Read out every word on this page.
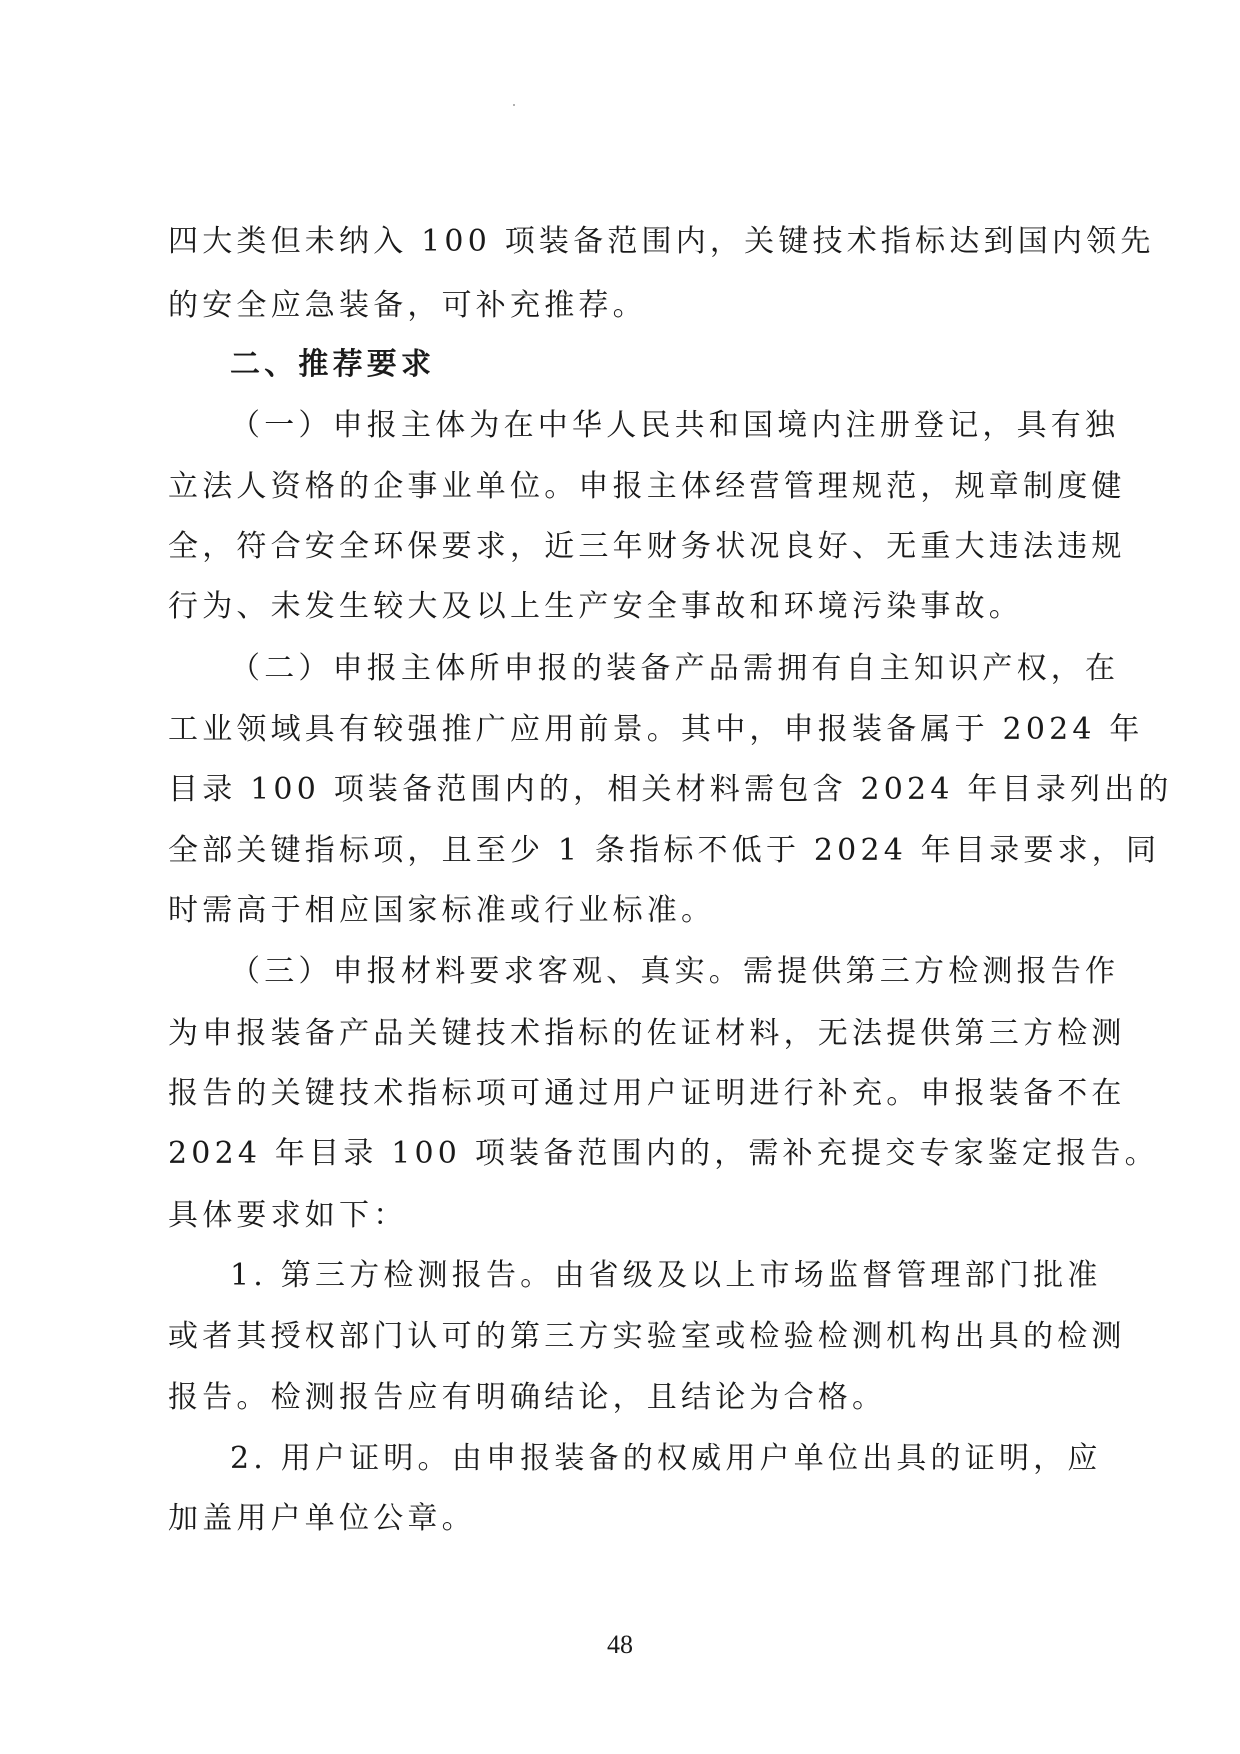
四大类但未纳入 100 项装备范围内，关键技术指标达到国内领先
的安全应急装备，可补充推荐。
二、推荐要求
（一）申报主体为在中华人民共和国境内注册登记，具有独
立法人资格的企事业单位。申报主体经营管理规范，规章制度健
全，符合安全环保要求，近三年财务状况良好、无重大违法违规
行为、未发生较大及以上生产安全事故和环境污染事故。
（二）申报主体所申报的装备产品需拥有自主知识产权，在
工业领域具有较强推广应用前景。其中，申报装备属于 2024 年
目录 100 项装备范围内的，相关材料需包含 2024 年目录列出的
全部关键指标项，且至少 1 条指标不低于 2024 年目录要求，同
时需高于相应国家标准或行业标准。
（三）申报材料要求客观、真实。需提供第三方检测报告作
为申报装备产品关键技术指标的佐证材料，无法提供第三方检测
报告的关键技术指标项可通过用户证明进行补充。申报装备不在
2024 年目录 100 项装备范围内的，需补充提交专家鉴定报告。
具体要求如下：
1. 第三方检测报告。由省级及以上市场监督管理部门批准
或者其授权部门认可的第三方实验室或检验检测机构出具的检测
报告。检测报告应有明确结论，且结论为合格。
2. 用户证明。由申报装备的权威用户单位出具的证明，应
加盖用户单位公章。
48
